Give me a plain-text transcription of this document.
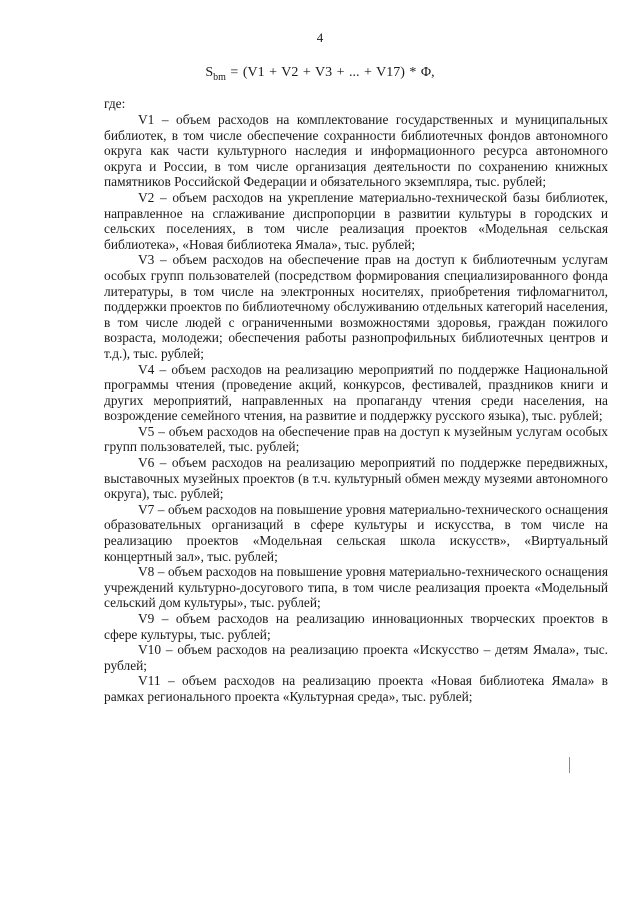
4
$S_{bm} = (V1 + V2 + V3$ + ... + V17) * Φ,
где:

V1 – объем расходов на комплектование государственных и муниципальных библиотек, в том числе обеспечение сохранности библиотечных фондов автономного округа как части культурного наследия и информационного ресурса автономного округа и России, в том числе организация деятельности по сохранению книжных памятников Российской Федерации и обязательного экземпляра, тыс. рублей;

V2 – объем расходов на укрепление материально-технической базы библиотек, направленное на сглаживание диспропорции в развитии культуры в городских и сельских поселениях, в том числе реализация проектов «Модельная сельская библиотека», «Новая библиотека Ямала», тыс. рублей;

V3 – объем расходов на обеспечение прав на доступ к библиотечным услугам особых групп пользователей (посредством формирования специализированного фонда литературы, в том числе на электронных носителях, приобретения тифломагнитол, поддержки проектов по библиотечному обслуживанию отдельных категорий населения, в том числе людей с ограниченными возможностями здоровья, граждан пожилого возраста, молодежи; обеспечения работы разнопрофильных библиотечных центров и т.д.), тыс. рублей;

V4 – объем расходов на реализацию мероприятий по поддержке Национальной программы чтения (проведение акций, конкурсов, фестивалей, праздников книги и других мероприятий, направленных на пропаганду чтения среди населения, на возрождение семейного чтения, на развитие и поддержку русского языка), тыс. рублей;

V5 – объем расходов на обеспечение прав на доступ к музейным услугам особых групп пользователей, тыс. рублей;

V6 – объем расходов на реализацию мероприятий по поддержке передвижных, выставочных музейных проектов (в т.ч. культурный обмен между музеями автономного округа), тыс. рублей;

V7 – объем расходов на повышение уровня материально-технического оснащения образовательных организаций в сфере культуры и искусства, в том числе на реализацию проектов «Модельная сельская школа искусств», «Виртуальный концертный зал», тыс. рублей;

V8 – объем расходов на повышение уровня материально-технического оснащения учреждений культурно-досугового типа, в том числе реализация проекта «Модельный сельский дом культуры», тыс. рублей;

V9 – объем расходов на реализацию инновационных творческих проектов в сфере культуры, тыс. рублей;

V10 – объем расходов на реализацию проекта «Искусство – детям Ямала», тыс. рублей;

V11 – объем расходов на реализацию проекта «Новая библиотека Ямала» в рамках регионального проекта «Культурная среда», тыс. рублей;
